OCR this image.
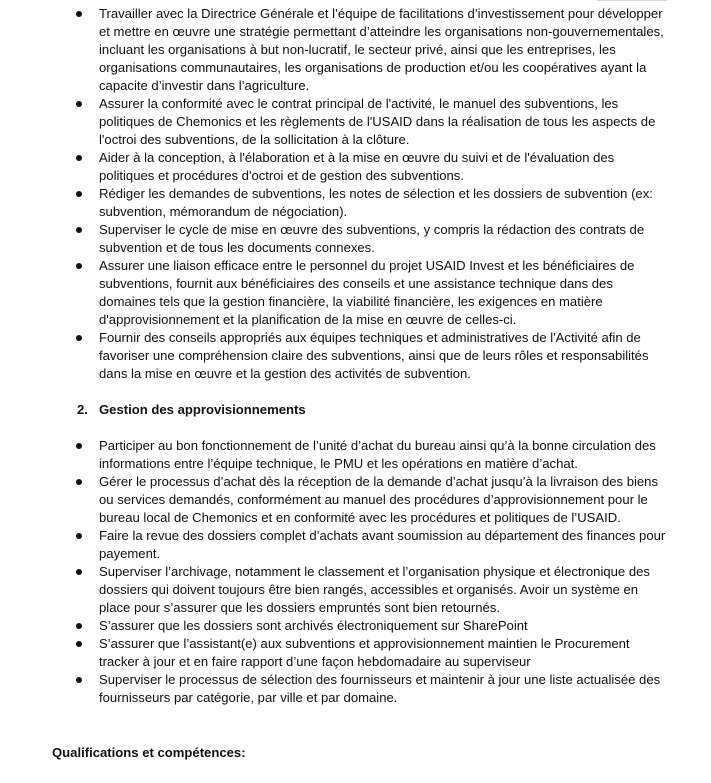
Travailler avec la Directrice Générale et l’équipe de facilitations d’investissement pour développer et mettre en œuvre une stratégie permettant d’atteindre les organisations non-gouvernementales, incluant les organisations à but non-lucratif, le secteur privé, ainsi que les entreprises, les organisations communautaires, les organisations de production et/ou les coopératives ayant la capacite d’investir dans l’agriculture.
Assurer la conformité avec le contrat principal de l'activité, le manuel des subventions, les politiques de Chemonics et les règlements de l'USAID dans la réalisation de tous les aspects de l'octroi des subventions, de la sollicitation à la clôture.
Aider à la conception, à l'élaboration et à la mise en œuvre du suivi et de l'évaluation des politiques et procédures d'octroi et de gestion des subventions.
Rédiger les demandes de subventions, les notes de sélection et les dossiers de subvention (ex: subvention, mémorandum de négociation).
Superviser le cycle de mise en œuvre des subventions, y compris la rédaction des contrats de subvention et de tous les documents connexes.
Assurer une liaison efficace entre le personnel du projet USAID Invest et les bénéficiaires de subventions, fournit aux bénéficiaires des conseils et une assistance technique dans des domaines tels que la gestion financière, la viabilité financière, les exigences en matière d'approvisionnement et la planification de la mise en œuvre de celles-ci.
Fournir des conseils appropriés aux équipes techniques et administratives de l'Activité afin de favoriser une compréhension claire des subventions, ainsi que de leurs rôles et responsabilités dans la mise en œuvre et la gestion des activités de subvention.
2. Gestion des approvisionnements
Participer au bon fonctionnement de l’unité d’achat du bureau ainsi qu’à la bonne circulation des informations entre l’équipe technique, le PMU et les opérations en matière d’achat.
Gérer le processus d’achat dès la réception de la demande d’achat jusqu’à la livraison des biens ou services demandés, conformément au manuel des procédures d’approvisionnement pour le bureau local de Chemonics et en conformité avec les procédures et politiques de l’USAID.
Faire la revue des dossiers complet d’achats avant soumission au département des finances pour payement.
Superviser l’archivage, notamment le classement et l’organisation physique et électronique des dossiers qui doivent toujours être bien rangés, accessibles et organisés. Avoir un système en place pour s’assurer que les dossiers empruntés sont bien retournés.
S’assurer que les dossiers sont archivés électroniquement sur SharePoint
S’assurer que l’assistant(e) aux subventions et approvisionnement maintien le Procurement tracker à jour et en faire rapport d’une façon hebdomadaire au superviseur
Superviser le processus de sélection des fournisseurs et maintenir à jour une liste actualisée des fournisseurs par catégorie, par ville et par domaine.
Qualifications et compétences:
